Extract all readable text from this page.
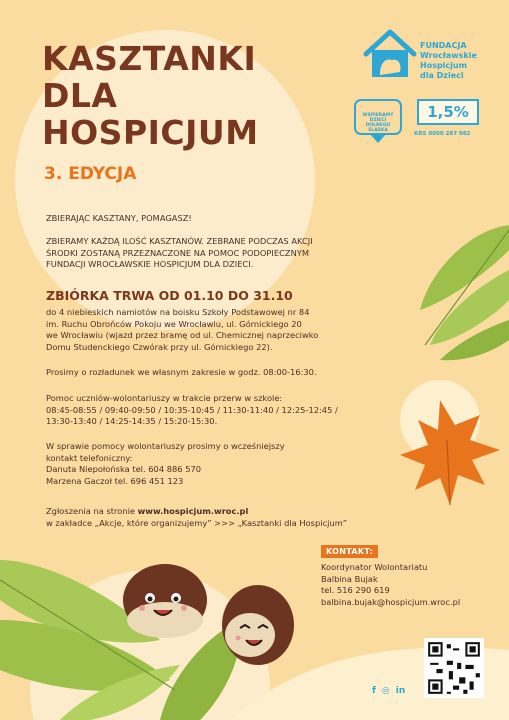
KASZTANKI
DLA
HOSPICJUM
3. EDYCJA
FUNDACJA
Wrocławskie
Hospicjum
dla Dzieci
WSPIERAMY
DZIECI
DOLNEGO
ŚLĄSKA
1,5%
KRS 0000 287 982
ZBIERAJĄC KASZTANY, POMAGASZ!
ZBIERAMY KAŻDĄ ILOŚĆ KASZTANÓW. ZEBRANE PODCZAS AKCJI
ŚRODKI ZOSTANĄ PRZEZNACZONE NA POMOC PODOPIECZNYM
FUNDACJI WROCŁAWSKIE HOSPICJUM DLA DZIECI.
ZBIÓRKA TRWA OD 01.10 DO 31.10
do 4 niebieskich namiotów na boisku Szkoły Podstawowej nr 84
im. Ruchu Obrońców Pokoju we Wrocławiu, ul. Górnickiego 20
we Wrocławiu (wjazd przez bramę od ul. Chemicznej naprzeciwko
Domu Studenckiego Czwórak przy ul. Górnickiego 22).
Prosimy o rozładunek we własnym zakresie w godz. 08:00-16:30.
Pomoc uczniów-wolontariuszy w trakcie przerw w szkole:
08:45-08:55 / 09:40-09:50 / 10:35-10:45 / 11:30-11:40 / 12:25-12:45 /
13:30-13:40 / 14:25-14:35 / 15:20-15:30.
W sprawie pomocy wolontariuszy prosimy o wcześniejszy
kontakt telefoniczny:
Danuta Niepołońska tel. 604 886 570
Marzena Gaczoł tel. 696 451 123
Zgłoszenia na stronie www.hospicjum.wroc.pl
w zakładce „Akcje, które organizujemy” >>> „Kasztanki dla Hospicjum”
KONTAKT:
Koordynator Wolontariatu
Balbina Bujak
tel. 516 290 619
balbina.bujak@hospicjum.wroc.pl
f ◎ in
